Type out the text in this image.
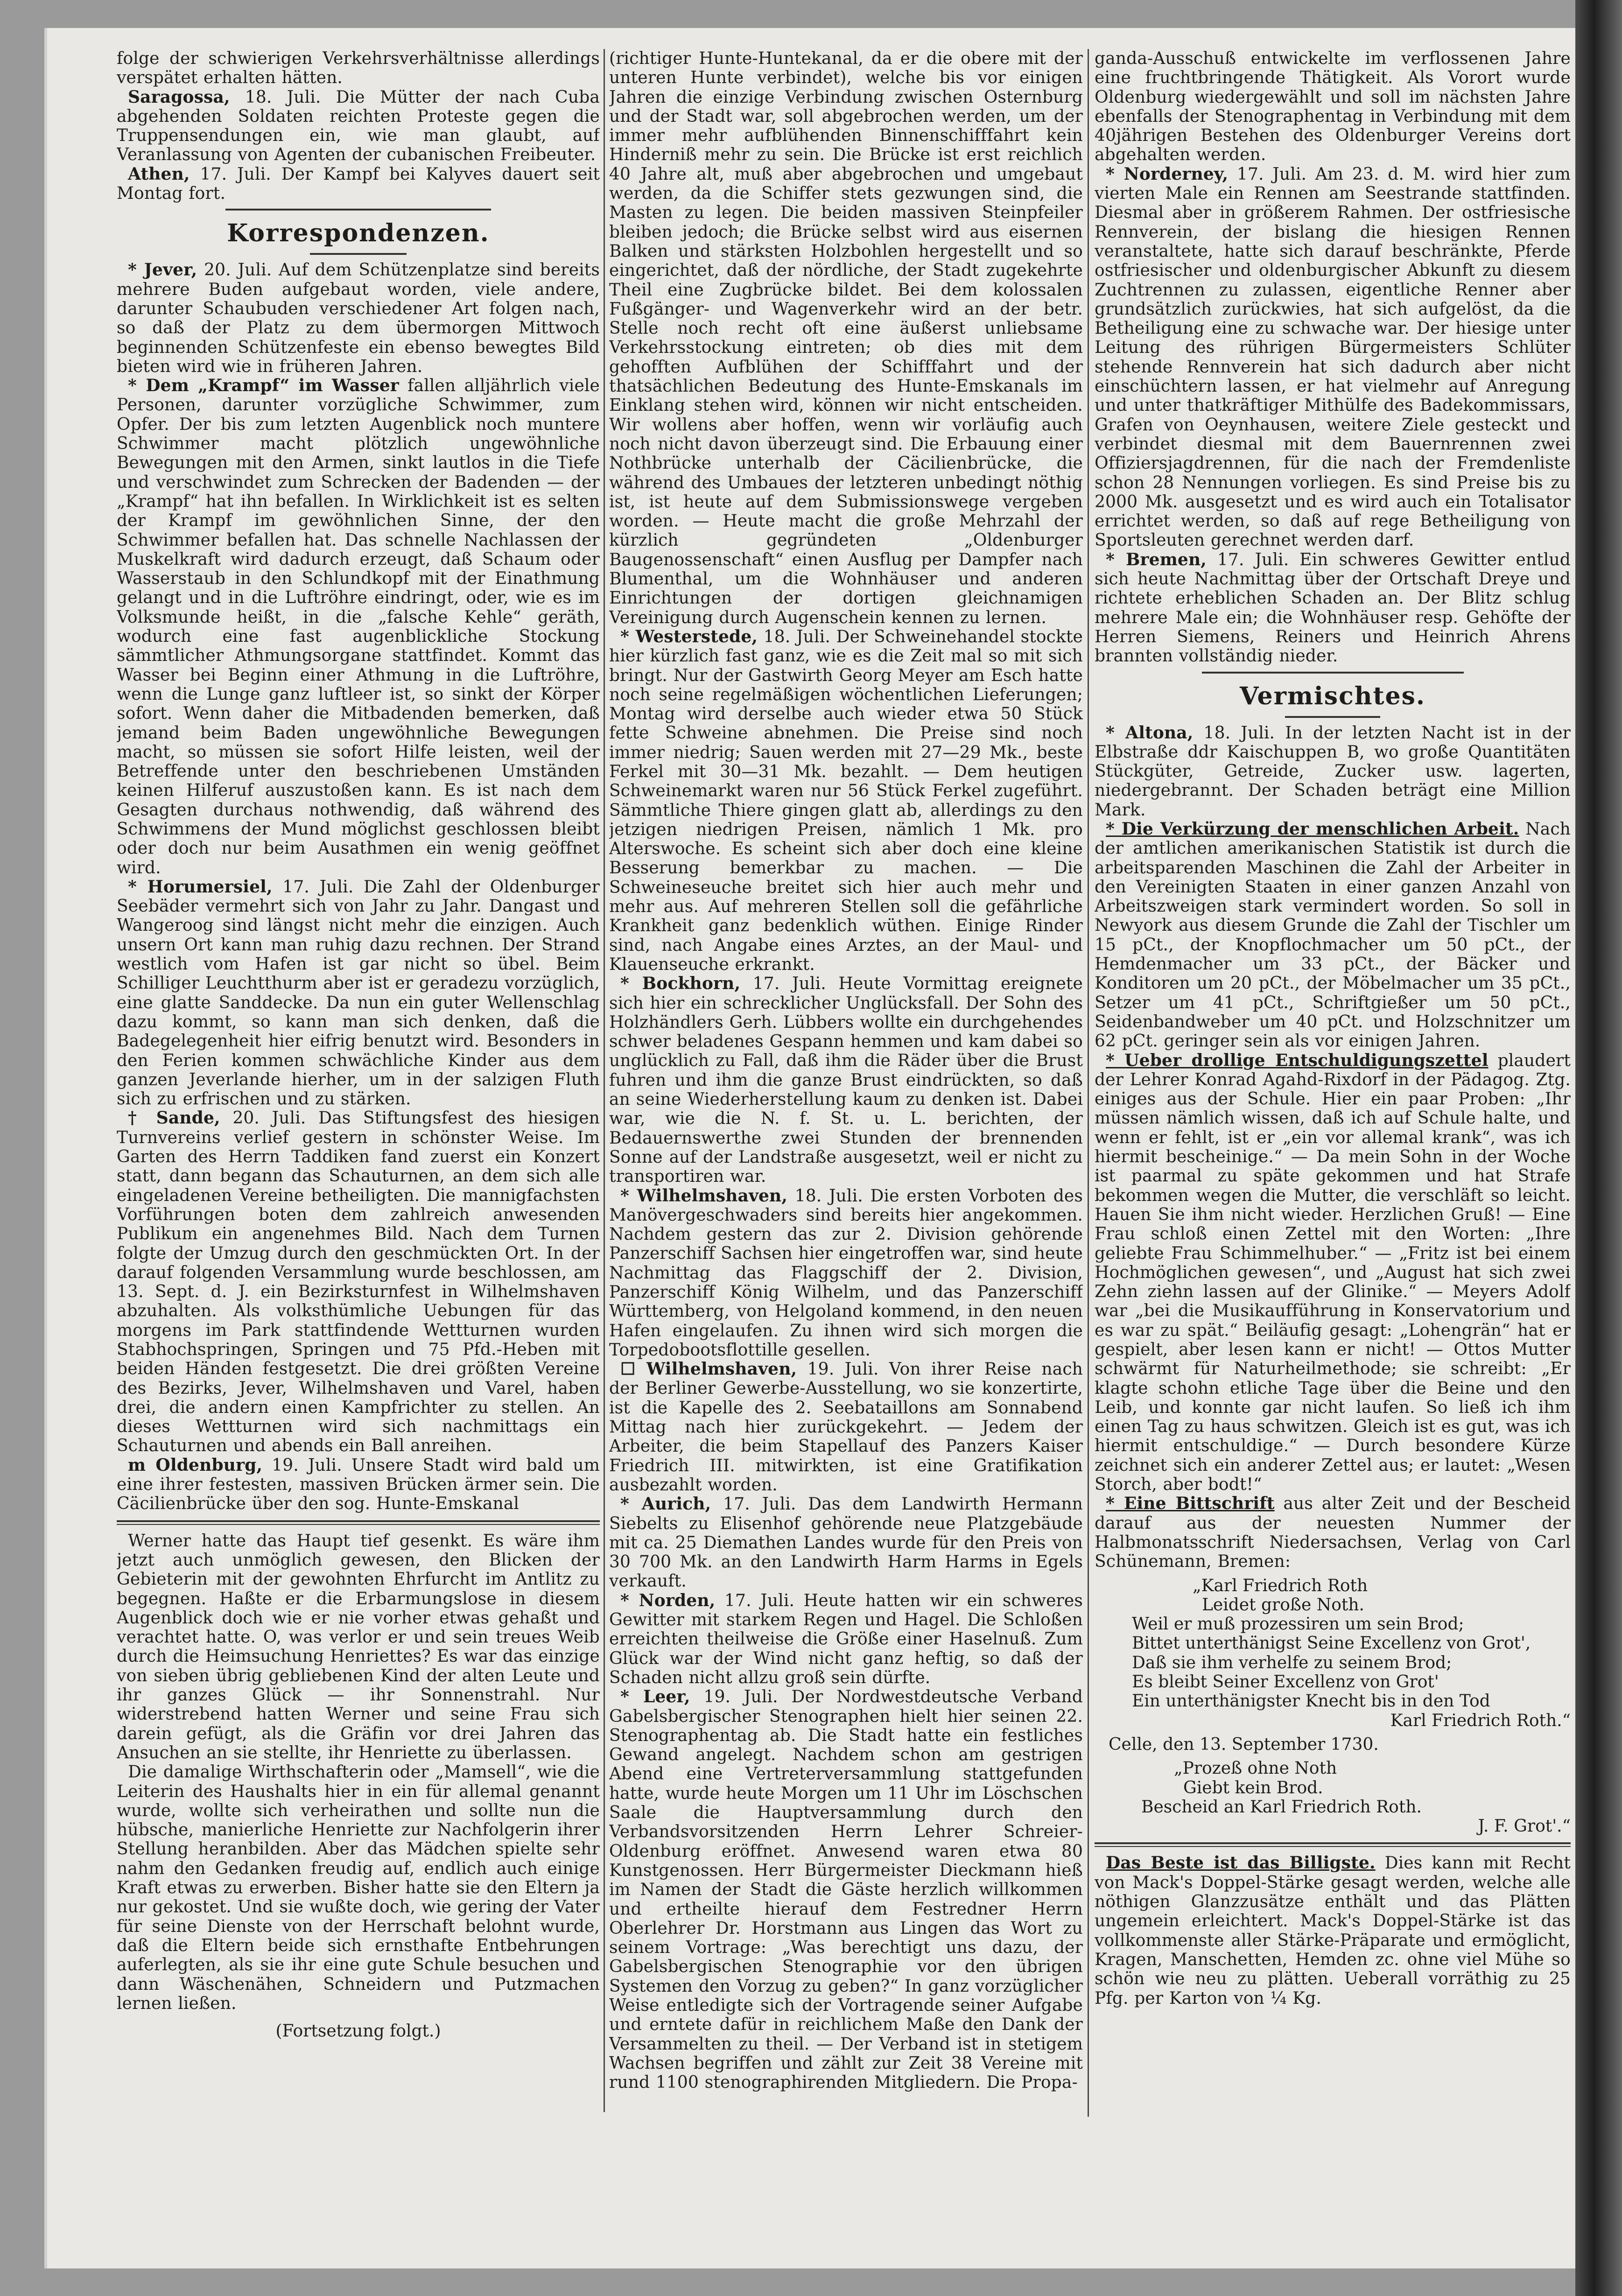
folge der schwierigen Verkehrsverhältnisse allerdings verspätet erhalten hätten.

Saragossa, 18. Juli. Die Mütter der nach Cuba abgehenden Soldaten reichten Proteste gegen die Truppensendungen ein, wie man glaubt, auf Veranlassung von Agenten der cubanischen Freibeuter.

Athen, 17. Juli. Der Kampf bei Kalyves dauert seit Montag fort.

Korrespondenzen.

* Jever, 20. Juli. Auf dem Schützenplatze sind bereits mehrere Buden aufgebaut worden, viele andere, darunter Schaubuden verschiedener Art folgen nach, so daß der Platz zu dem übermorgen Mittwoch beginnenden Schützenfeste ein ebenso bewegtes Bild bieten wird wie in früheren Jahren.

* Dem „Krampf“ im Wasser fallen alljährlich viele Personen, darunter vorzügliche Schwimmer, zum Opfer. Der bis zum letzten Augenblick noch muntere Schwimmer macht plötzlich ungewöhnliche Bewegungen mit den Armen, sinkt lautlos in die Tiefe und verschwindet zum Schrecken der Badenden — der „Krampf“ hat ihn befallen. In Wirklichkeit ist es selten der Krampf im gewöhnlichen Sinne, der den Schwimmer befallen hat. Das schnelle Nachlassen der Muskelkraft wird dadurch erzeugt, daß Schaum oder Wasserstaub in den Schlundkopf mit der Einathmung gelangt und in die Luftröhre eindringt, oder, wie es im Volksmunde heißt, in die „falsche Kehle“ geräth, wodurch eine fast augenblickliche Stockung sämmtlicher Athmungsorgane stattfindet. Kommt das Wasser bei Beginn einer Athmung in die Luftröhre, wenn die Lunge ganz luftleer ist, so sinkt der Körper sofort. Wenn daher die Mitbadenden bemerken, daß jemand beim Baden ungewöhnliche Bewegungen macht, so müssen sie sofort Hilfe leisten, weil der Betreffende unter den beschriebenen Umständen keinen Hilferuf auszustoßen kann. Es ist nach dem Gesagten durchaus nothwendig, daß während des Schwimmens der Mund möglichst geschlossen bleibt oder doch nur beim Ausathmen ein wenig geöffnet wird.

* Horumersiel, 17. Juli. Die Zahl der Oldenburger Seebäder vermehrt sich von Jahr zu Jahr. Dangast und Wangeroog sind längst nicht mehr die einzigen. Auch unsern Ort kann man ruhig dazu rechnen. Der Strand westlich vom Hafen ist gar nicht so übel. Beim Schilliger Leuchtthurm aber ist er geradezu vorzüglich, eine glatte Sanddecke. Da nun ein guter Wellenschlag dazu kommt, so kann man sich denken, daß die Badegelegenheit hier eifrig benutzt wird. Besonders in den Ferien kommen schwächliche Kinder aus dem ganzen Jeverlande hierher, um in der salzigen Fluth sich zu erfrischen und zu stärken.

† Sande, 20. Juli. Das Stiftungsfest des hiesigen Turnvereins verlief gestern in schönster Weise. Im Garten des Herrn Taddiken fand zuerst ein Konzert statt, dann begann das Schauturnen, an dem sich alle eingeladenen Vereine betheiligten. Die mannigfachsten Vorführungen boten dem zahlreich anwesenden Publikum ein angenehmes Bild. Nach dem Turnen folgte der Umzug durch den geschmückten Ort. In der darauf folgenden Versammlung wurde beschlossen, am 13. Sept. d. J. ein Bezirksturnfest in Wilhelmshaven abzuhalten. Als volksthümliche Uebungen für das morgens im Park stattfindende Wettturnen wurden Stabhochspringen, Springen und 75 Pfd.-Heben mit beiden Händen festgesetzt. Die drei größten Vereine des Bezirks, Jever, Wilhelmshaven und Varel, haben drei, die andern einen Kampfrichter zu stellen. An dieses Wettturnen wird sich nachmittags ein Schauturnen und abends ein Ball anreihen.

m Oldenburg, 19. Juli. Unsere Stadt wird bald um eine ihrer festesten, massiven Brücken ärmer sein. Die Cäcilienbrücke über den sog. Hunte-Emskanal

Werner hatte das Haupt tief gesenkt. Es wäre ihm jetzt auch unmöglich gewesen, den Blicken der Gebieterin mit der gewohnten Ehrfurcht im Antlitz zu begegnen. Haßte er die Erbarmungslose in diesem Augenblick doch wie er nie vorher etwas gehaßt und verachtet hatte. O, was verlor er und sein treues Weib durch die Heimsuchung Henriettes? Es war das einzige von sieben übrig gebliebenen Kind der alten Leute und ihr ganzes Glück — ihr Sonnenstrahl. Nur widerstrebend hatten Werner und seine Frau sich darein gefügt, als die Gräfin vor drei Jahren das Ansuchen an sie stellte, ihr Henriette zu überlassen.

Die damalige Wirthschafterin oder „Mamsell“, wie die Leiterin des Haushalts hier in ein für allemal genannt wurde, wollte sich verheirathen und sollte nun die hübsche, manierliche Henriette zur Nachfolgerin ihrer Stellung heranbilden. Aber das Mädchen spielte sehr nahm den Gedanken freudig auf, endlich auch einige Kraft etwas zu erwerben. Bisher hatte sie den Eltern ja nur gekostet. Und sie wußte doch, wie gering der Vater für seine Dienste von der Herrschaft belohnt wurde, daß die Eltern beide sich ernsthafte Entbehrungen auferlegten, als sie ihr eine gute Schule besuchen und dann Wäschenähen, Schneidern und Putzmachen lernen ließen.

(Fortsetzung folgt.)

(richtiger Hunte-Huntekanal, da er die obere mit der unteren Hunte verbindet), welche bis vor einigen Jahren die einzige Verbindung zwischen Osternburg und der Stadt war, soll abgebrochen werden, um der immer mehr aufblühenden Binnenschifffahrt kein Hinderniß mehr zu sein. Die Brücke ist erst reichlich 40 Jahre alt, muß aber abgebrochen und umgebaut werden, da die Schiffer stets gezwungen sind, die Masten zu legen. Die beiden massiven Steinpfeiler bleiben jedoch; die Brücke selbst wird aus eisernen Balken und stärksten Holzbohlen hergestellt und so eingerichtet, daß der nördliche, der Stadt zugekehrte Theil eine Zugbrücke bildet. Bei dem kolossalen Fußgänger- und Wagenverkehr wird an der betr. Stelle noch recht oft eine äußerst unliebsame Verkehrsstockung eintreten; ob dies mit dem gehofften Aufblühen der Schifffahrt und der thatsächlichen Bedeutung des Hunte-Emskanals im Einklang stehen wird, können wir nicht entscheiden. Wir wollens aber hoffen, wenn wir vorläufig auch noch nicht davon überzeugt sind. Die Erbauung einer Nothbrücke unterhalb der Cäcilienbrücke, die während des Umbaues der letzteren unbedingt nöthig ist, ist heute auf dem Submissionswege vergeben worden. — Heute macht die große Mehrzahl der kürzlich gegründeten „Oldenburger Baugenossenschaft“ einen Ausflug per Dampfer nach Blumenthal, um die Wohnhäuser und anderen Einrichtungen der dortigen gleichnamigen Vereinigung durch Augenschein kennen zu lernen.

* Westerstede, 18. Juli. Der Schweinehandel stockte hier kürzlich fast ganz, wie es die Zeit mal so mit sich bringt. Nur der Gastwirth Georg Meyer am Esch hatte noch seine regelmäßigen wöchentlichen Lieferungen; Montag wird derselbe auch wieder etwa 50 Stück fette Schweine abnehmen. Die Preise sind noch immer niedrig; Sauen werden mit 27—29 Mk., beste Ferkel mit 30—31 Mk. bezahlt. — Dem heutigen Schweinemarkt waren nur 56 Stück Ferkel zugeführt. Sämmtliche Thiere gingen glatt ab, allerdings zu den jetzigen niedrigen Preisen, nämlich 1 Mk. pro Alterswoche. Es scheint sich aber doch eine kleine Besserung bemerkbar zu machen. — Die Schweineseuche breitet sich hier auch mehr und mehr aus. Auf mehreren Stellen soll die gefährliche Krankheit ganz bedenklich wüthen. Einige Rinder sind, nach Angabe eines Arztes, an der Maul- und Klauenseuche erkrankt.

* Bockhorn, 17. Juli. Heute Vormittag ereignete sich hier ein schrecklicher Unglücksfall. Der Sohn des Holzhändlers Gerh. Lübbers wollte ein durchgehendes schwer beladenes Gespann hemmen und kam dabei so unglücklich zu Fall, daß ihm die Räder über die Brust fuhren und ihm die ganze Brust eindrückten, so daß an seine Wiederherstellung kaum zu denken ist. Dabei war, wie die N. f. St. u. L. berichten, der Bedauernswerthe zwei Stunden der brennenden Sonne auf der Landstraße ausgesetzt, weil er nicht zu transportiren war.

* Wilhelmshaven, 18. Juli. Die ersten Vorboten des Manövergeschwaders sind bereits hier angekommen. Nachdem gestern das zur 2. Division gehörende Panzerschiff Sachsen hier eingetroffen war, sind heute Nachmittag das Flaggschiff der 2. Division, Panzerschiff König Wilhelm, und das Panzerschiff Württemberg, von Helgoland kommend, in den neuen Hafen eingelaufen. Zu ihnen wird sich morgen die Torpedobootsflottille gesellen.

☐ Wilhelmshaven, 19. Juli. Von ihrer Reise nach der Berliner Gewerbe-Ausstellung, wo sie konzertirte, ist die Kapelle des 2. Seebataillons am Sonnabend Mittag nach hier zurückgekehrt. — Jedem der Arbeiter, die beim Stapellauf des Panzers Kaiser Friedrich III. mitwirkten, ist eine Gratifikation ausbezahlt worden.

* Aurich, 17. Juli. Das dem Landwirth Hermann Siebelts zu Elisenhof gehörende neue Platzgebäude mit ca. 25 Diemathen Landes wurde für den Preis von 30 700 Mk. an den Landwirth Harm Harms in Egels verkauft.

* Norden, 17. Juli. Heute hatten wir ein schweres Gewitter mit starkem Regen und Hagel. Die Schloßen erreichten theilweise die Größe einer Haselnuß. Zum Glück war der Wind nicht ganz heftig, so daß der Schaden nicht allzu groß sein dürfte.

* Leer, 19. Juli. Der Nordwestdeutsche Verband Gabelsbergischer Stenographen hielt hier seinen 22. Stenographentag ab. Die Stadt hatte ein festliches Gewand angelegt. Nachdem schon am gestrigen Abend eine Vertreterversammlung stattgefunden hatte, wurde heute Morgen um 11 Uhr im Löschschen Saale die Hauptversammlung durch den Verbandsvorsitzenden Herrn Lehrer Schreier-Oldenburg eröffnet. Anwesend waren etwa 80 Kunstgenossen. Herr Bürgermeister Dieckmann hieß im Namen der Stadt die Gäste herzlich willkommen und ertheilte hierauf dem Festredner Herrn Oberlehrer Dr. Horstmann aus Lingen das Wort zu seinem Vortrage: „Was berechtigt uns dazu, der Gabelsbergischen Stenographie vor den übrigen Systemen den Vorzug zu geben?“ In ganz vorzüglicher Weise entledigte sich der Vortragende seiner Aufgabe und erntete dafür in reichlichem Maße den Dank der Versammelten zu theil. — Der Verband ist in stetigem Wachsen begriffen und zählt zur Zeit 38 Vereine mit rund 1100 stenographirenden Mitgliedern. Die Propa-

ganda-Ausschuß entwickelte im verflossenen Jahre eine fruchtbringende Thätigkeit. Als Vorort wurde Oldenburg wiedergewählt und soll im nächsten Jahre ebenfalls der Stenographentag in Verbindung mit dem 40jährigen Bestehen des Oldenburger Vereins dort abgehalten werden.

* Norderney, 17. Juli. Am 23. d. M. wird hier zum vierten Male ein Rennen am Seestrande stattfinden. Diesmal aber in größerem Rahmen. Der ostfriesische Rennverein, der bislang die hiesigen Rennen veranstaltete, hatte sich darauf beschränkte, Pferde ostfriesischer und oldenburgischer Abkunft zu diesem Zuchtrennen zu zulassen, eigentliche Renner aber grundsätzlich zurückwies, hat sich aufgelöst, da die Betheiligung eine zu schwache war. Der hiesige unter Leitung des rührigen Bürgermeisters Schlüter stehende Rennverein hat sich dadurch aber nicht einschüchtern lassen, er hat vielmehr auf Anregung und unter thatkräftiger Mithülfe des Badekommissars, Grafen von Oeynhausen, weitere Ziele gesteckt und verbindet diesmal mit dem Bauernrennen zwei Offiziersjagdrennen, für die nach der Fremdenliste schon 28 Nennungen vorliegen. Es sind Preise bis zu 2000 Mk. ausgesetzt und es wird auch ein Totalisator errichtet werden, so daß auf rege Betheiligung von Sportsleuten gerechnet werden darf.

* Bremen, 17. Juli. Ein schweres Gewitter entlud sich heute Nachmittag über der Ortschaft Dreye und richtete erheblichen Schaden an. Der Blitz schlug mehrere Male ein; die Wohnhäuser resp. Gehöfte der Herren Siemens, Reiners und Heinrich Ahrens brannten vollständig nieder.

Vermischtes.

* Altona, 18. Juli. In der letzten Nacht ist in der Elbstraße ddr Kaischuppen B, wo große Quantitäten Stückgüter, Getreide, Zucker usw. lagerten, niedergebrannt. Der Schaden beträgt eine Million Mark.

* Die Verkürzung der menschlichen Arbeit. Nach der amtlichen amerikanischen Statistik ist durch die arbeitsparenden Maschinen die Zahl der Arbeiter in den Vereinigten Staaten in einer ganzen Anzahl von Arbeitszweigen stark vermindert worden. So soll in Newyork aus diesem Grunde die Zahl der Tischler um 15 pCt., der Knopflochmacher um 50 pCt., der Hemdenmacher um 33 pCt., der Bäcker und Konditoren um 20 pCt., der Möbelmacher um 35 pCt., Setzer um 41 pCt., Schriftgießer um 50 pCt., Seidenbandweber um 40 pCt. und Holzschnitzer um 62 pCt. geringer sein als vor einigen Jahren.

* Ueber drollige Entschuldigungszettel plaudert der Lehrer Konrad Agahd-Rixdorf in der Pädagog. Ztg. einiges aus der Schule. Hier ein paar Proben: „Ihr müssen nämlich wissen, daß ich auf Schule halte, und wenn er fehlt, ist er „ein vor allemal krank“, was ich hiermit bescheinige.“ — Da mein Sohn in der Woche ist paarmal zu späte gekommen und hat Strafe bekommen wegen die Mutter, die verschläft so leicht. Hauen Sie ihm nicht wieder. Herzlichen Gruß! — Eine Frau schloß einen Zettel mit den Worten: „Ihre geliebte Frau Schimmelhuber.“ — „Fritz ist bei einem Hochmöglichen gewesen“, und „August hat sich zwei Zehn ziehn lassen auf der Glinike.“ — Meyers Adolf war „bei die Musikaufführung in Konservatorium und es war zu spät.“ Beiläufig gesagt: „Lohengrän“ hat er gespielt, aber lesen kann er nicht! — Ottos Mutter schwärmt für Naturheilmethode; sie schreibt: „Er klagte schohn etliche Tage über die Beine und den Leib, und konnte gar nicht laufen. So ließ ich ihm einen Tag zu haus schwitzen. Gleich ist es gut, was ich hiermit entschuldige.“ — Durch besondere Kürze zeichnet sich ein anderer Zettel aus; er lautet: „Wesen Storch, aber bodt!“

* Eine Bittschrift aus alter Zeit und der Bescheid darauf aus der neuesten Nummer der Halbmonatsschrift Niedersachsen, Verlag von Carl Schünemann, Bremen:

„Karl Friedrich Roth
Leidet große Noth.
Weil er muß prozessiren um sein Brod;
Bittet unterthänigst Seine Excellenz von Grot',
Daß sie ihm verhelfe zu seinem Brod;
Es bleibt Seiner Excellenz von Grot'
Ein unterthänigster Knecht bis in den Tod
Karl Friedrich Roth.“
Celle, den 13. September 1730.
„Prozeß ohne Noth
Giebt kein Brod.
Bescheid an Karl Friedrich Roth.
J. F. Grot'.“

Das Beste ist das Billigste. Dies kann mit Recht von Mack's Doppel-Stärke gesagt werden, welche alle nöthigen Glanzzusätze enthält und das Plätten ungemein erleichtert. Mack's Doppel-Stärke ist das vollkommenste aller Stärke-Präparate und ermöglicht, Kragen, Manschetten, Hemden zc. ohne viel Mühe so schön wie neu zu plätten. Ueberall vorräthig zu 25 Pfg. per Karton von ¼ Kg.
